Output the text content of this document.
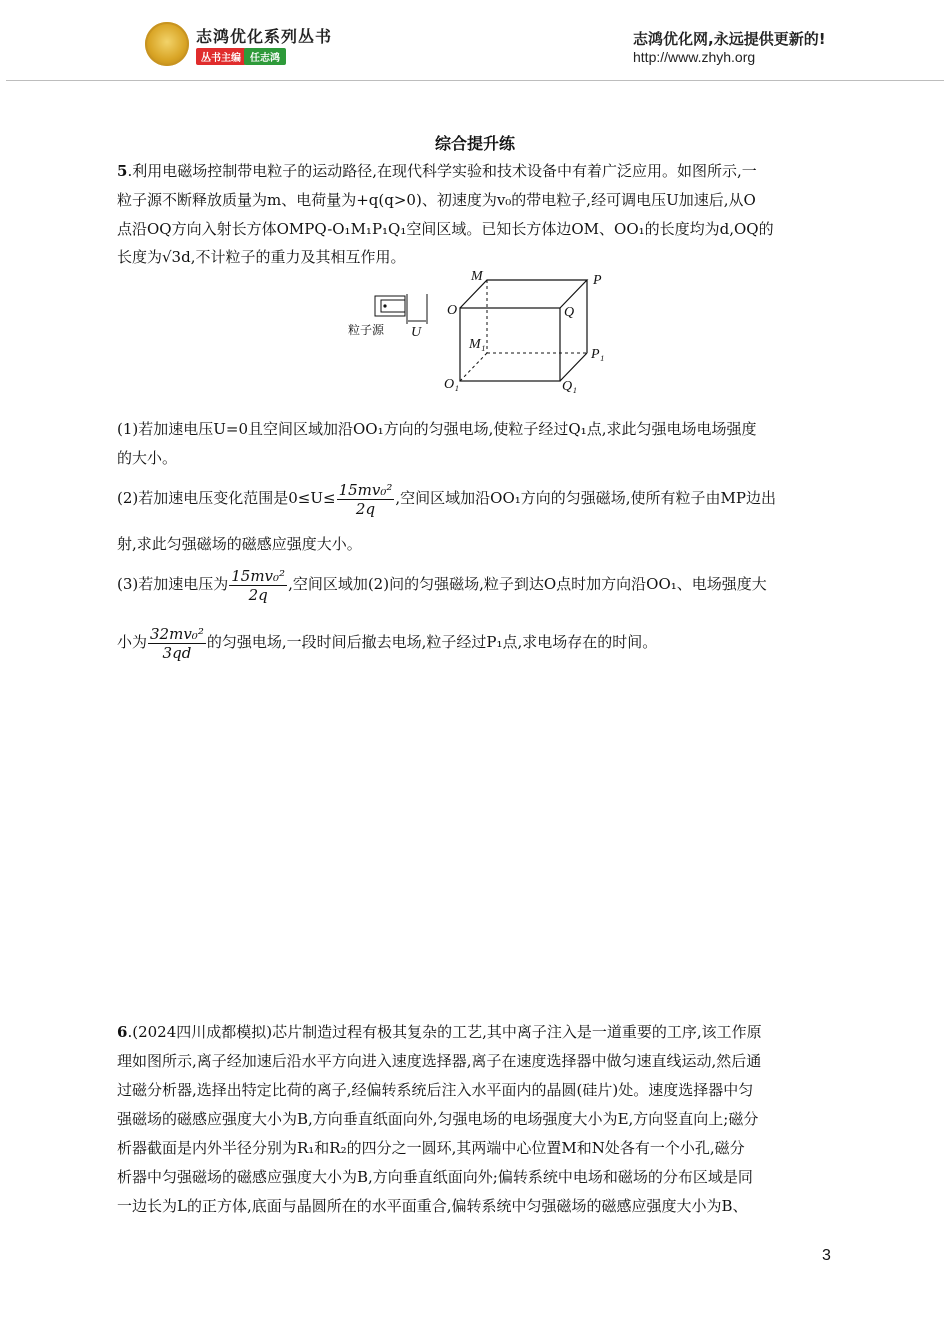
志鸿优化系列丛书
丛书主编 任志鸿
志鸿优化网,永远提供更新的!
http://www.zhyh.org
综合提升练
5.利用电磁场控制带电粒子的运动路径,在现代科学实验和技术设备中有着广泛应用。如图所示,一
粒子源不断释放质量为m、电荷量为+q(q>0)、初速度为v₀的带电粒子,经可调电压U加速后,从O
点沿OQ方向入射长方体OMPQ-O₁M₁P₁Q₁空间区域。已知长方体边OM、OO₁的长度均为d,OQ的
长度为√3d,不计粒子的重力及其相互作用。
粒子源 U
M	P
O	Q
M₁
P₁
O₁	Q₁
(1)若加速电压U=0且空间区域加沿OO₁方向的匀强电场,使粒子经过Q₁点,求此匀强电场电场强度
的大小。
(2)若加速电压变化范围是$0\le U\le \frac{\text{15mv₀²}}{2q}$ ,空间区域加沿OO₁方向的匀强磁场,使所有粒子由MP边出
射,求此匀强磁场的磁感应强度大小。
(3)若加速电压为 $\frac{\text{15mv₀²}}{2q}$ ,空间区域加(2)问的匀强磁场,粒子到达O点时加方向沿OO₁、电场强度大
小为 $\frac{\text{32mv₀²}}{3qd}$ 的匀强电场,一段时间后撤去电场,粒子经过P₁点,求电场存在的时间。
6.(2024四川成都模拟)芯片制造过程有极其复杂的工艺,其中离子注入是一道重要的工序,该工作原
理如图所示,离子经加速后沿水平方向进入速度选择器,离子在速度选择器中做匀速直线运动,然后通
过磁分析器,选择出特定比荷的离子,经偏转系统后注入水平面内的晶圆(硅片)处。速度选择器中匀
强磁场的磁感应强度大小为B,方向垂直纸面向外,匀强电场的电场强度大小为E,方向竖直向上;磁分
析器截面是内外半径分别为R₁和R₂的四分之一圆环,其两端中心位置M和N处各有一个小孔,磁分
析器中匀强磁场的磁感应强度大小为B,方向垂直纸面向外;偏转系统中电场和磁场的分布区域是同
一边长为L的正方体,底面与晶圆所在的水平面重合,偏转系统中匀强磁场的磁感应强度大小为B、
3
